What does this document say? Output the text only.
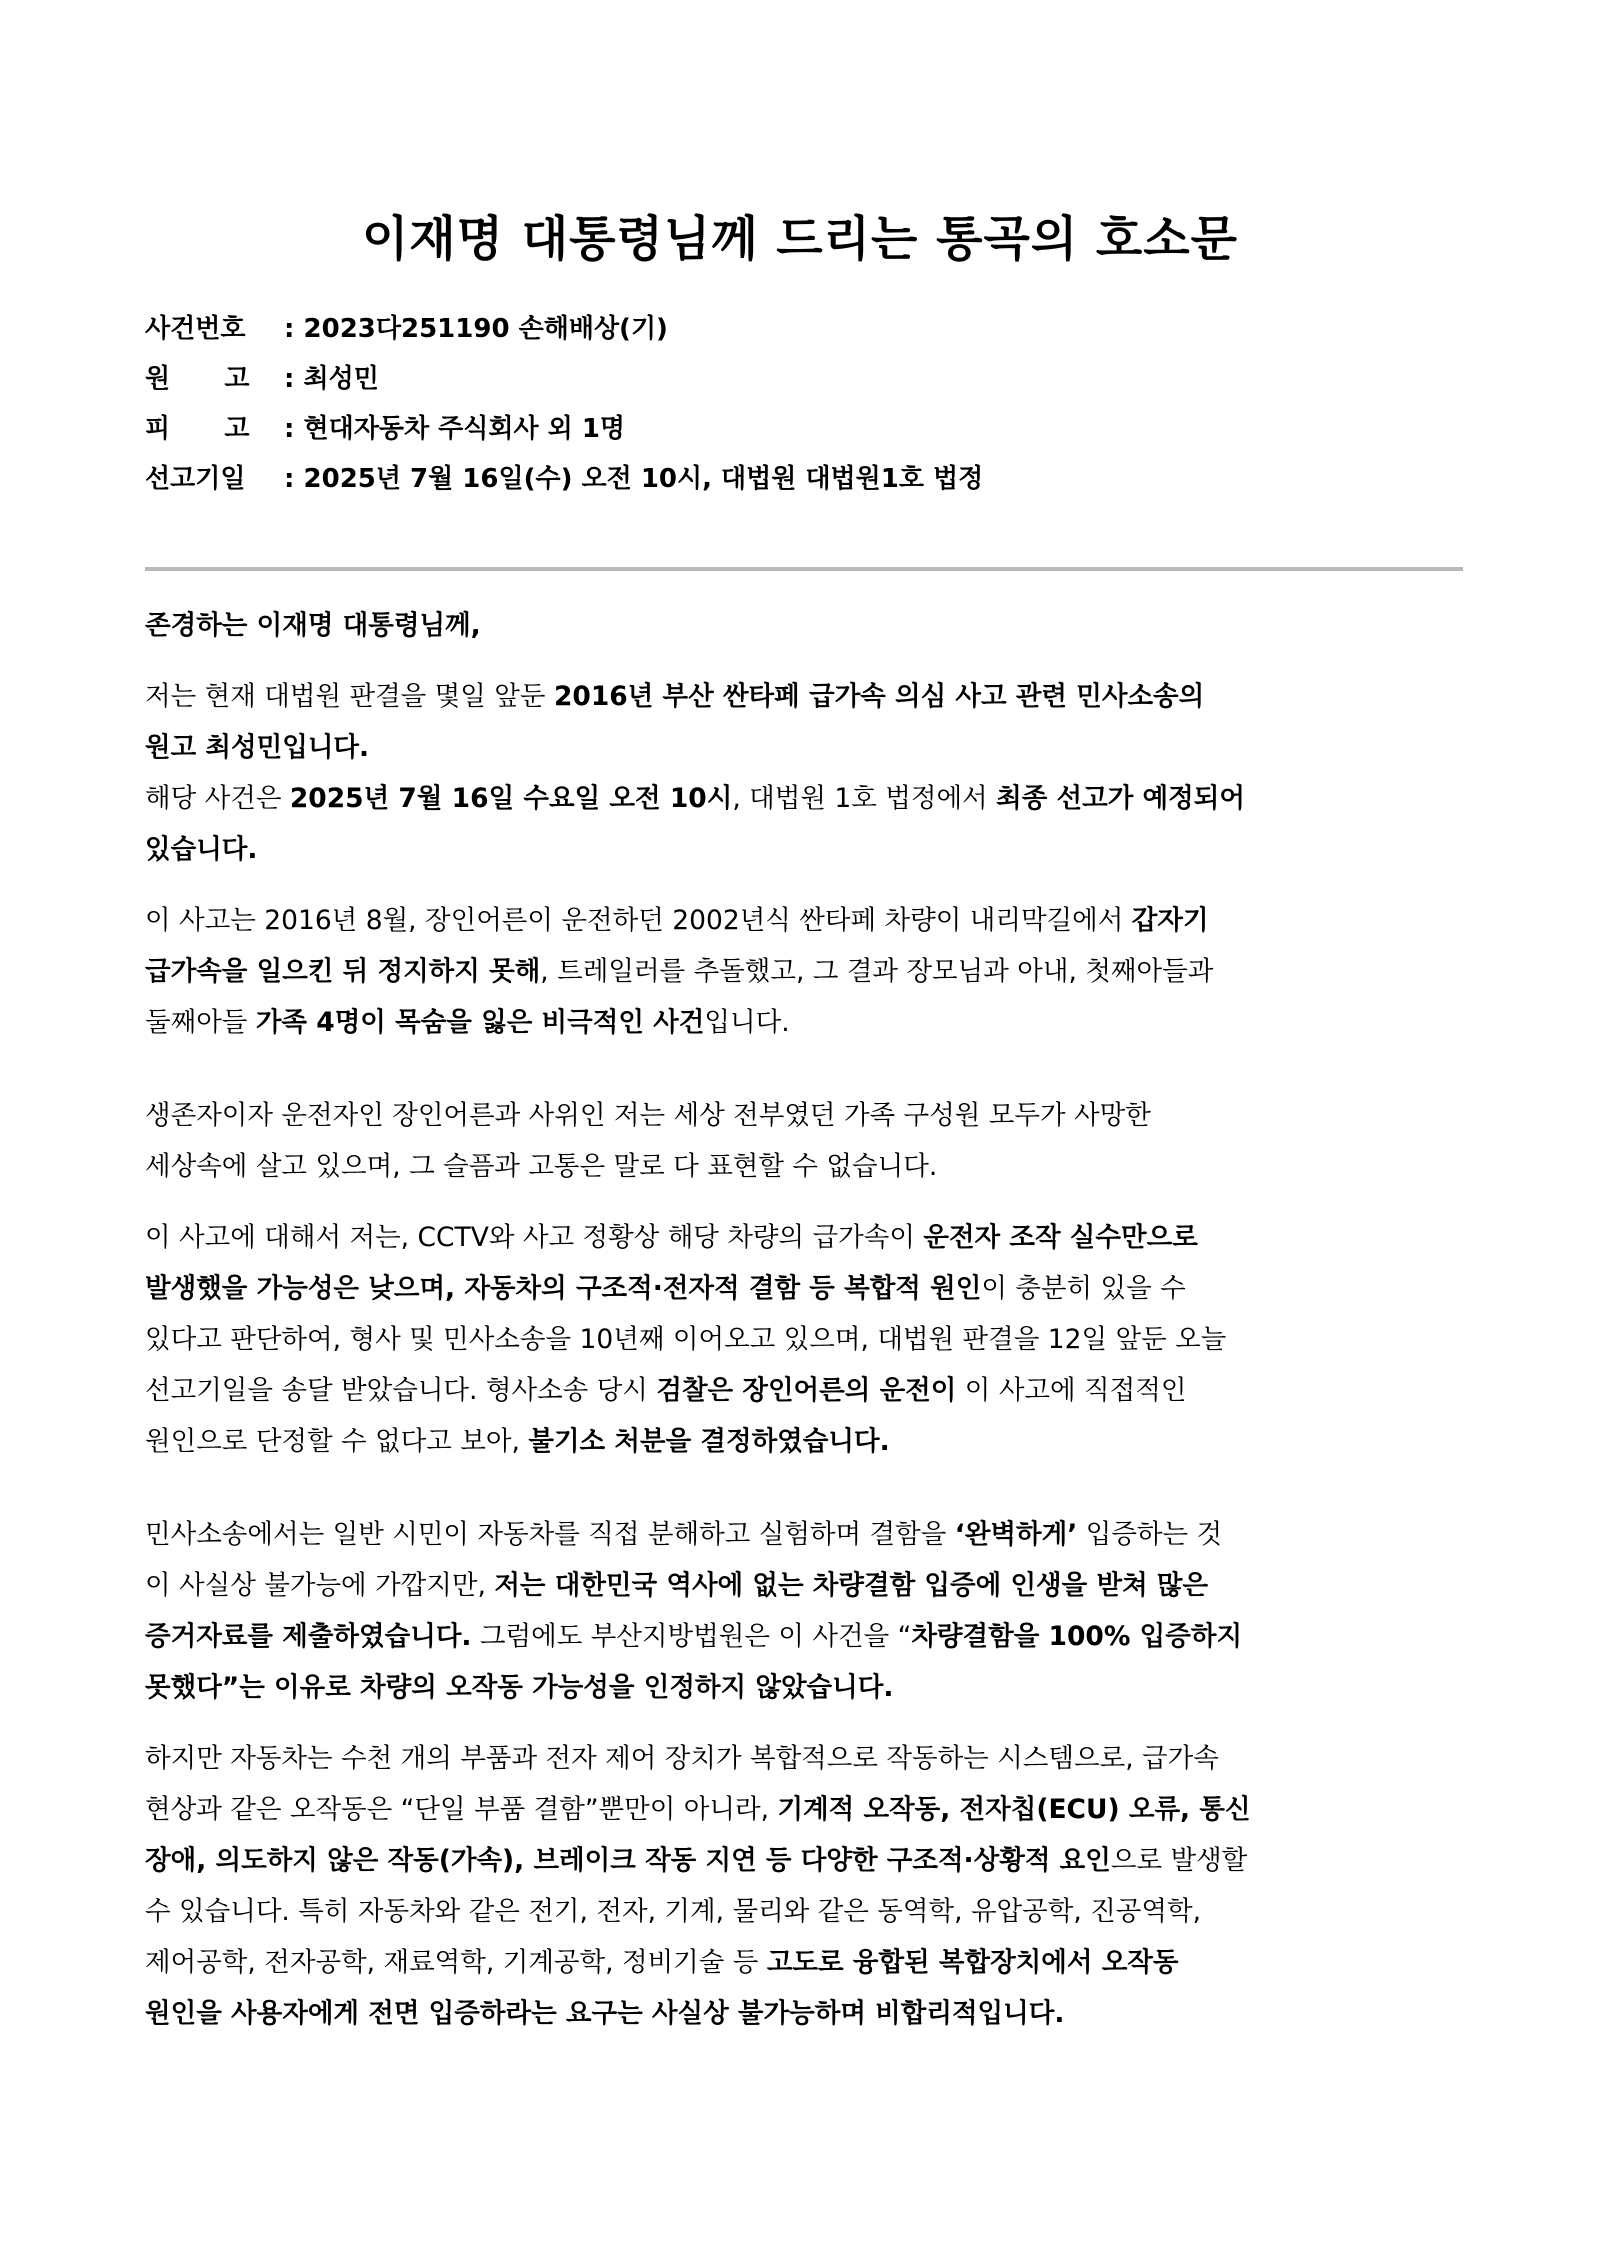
이재명 대통령님께 드리는 통곡의 호소문
사건번호 : 2023다251190 손해배상(기)
원      고 : 최성민
피      고 : 현대자동차 주식회사 외 1명
선고기일 : 2025년 7월 16일(수) 오전 10시, 대법원 대법원1호 법정

존경하는 이재명 대통령님께,

저는 현재 대법원 판결을 몇일 앞둔 2016년 부산 싼타페 급가속 의심 사고 관련 민사소송의
원고 최성민입니다.
해당 사건은 2025년 7월 16일 수요일 오전 10시, 대법원 1호 법정에서 최종 선고가 예정되어
있습니다.

이 사고는 2016년 8월, 장인어른이 운전하던 2002년식 싼타페 차량이 내리막길에서 갑자기
급가속을 일으킨 뒤 정지하지 못해, 트레일러를 추돌했고, 그 결과 장모님과 아내, 첫째아들과
둘째아들 가족 4명이 목숨을 잃은 비극적인 사건입니다.

생존자이자 운전자인 장인어른과 사위인 저는 세상 전부였던 가족 구성원 모두가 사망한
세상속에 살고 있으며, 그 슬픔과 고통은 말로 다 표현할 수 없습니다.

이 사고에 대해서 저는, CCTV와 사고 정황상 해당 차량의 급가속이 운전자 조작 실수만으로
발생했을 가능성은 낮으며, 자동차의 구조적·전자적 결함 등 복합적 원인이 충분히 있을 수
있다고 판단하여, 형사 및 민사소송을 10년째 이어오고 있으며, 대법원 판결을 12일 앞둔 오늘
선고기일을 송달 받았습니다. 형사소송 당시 검찰은 장인어른의 운전이 이 사고에 직접적인
원인으로 단정할 수 없다고 보아, 불기소 처분을 결정하였습니다.

민사소송에서는 일반 시민이 자동차를 직접 분해하고 실험하며 결함을 ‘완벽하게’ 입증하는 것
이 사실상 불가능에 가깝지만, 저는 대한민국 역사에 없는 차량결함 입증에 인생을 받쳐 많은
증거자료를 제출하였습니다. 그럼에도 부산지방법원은 이 사건을 “차량결함을 100% 입증하지
못했다”는 이유로 차량의 오작동 가능성을 인정하지 않았습니다.

하지만 자동차는 수천 개의 부품과 전자 제어 장치가 복합적으로 작동하는 시스템으로, 급가속
현상과 같은 오작동은 “단일 부품 결함”뿐만이 아니라, 기계적 오작동, 전자칩(ECU) 오류, 통신
장애, 의도하지 않은 작동(가속), 브레이크 작동 지연 등 다양한 구조적·상황적 요인으로 발생할
수 있습니다. 특히 자동차와 같은 전기, 전자, 기계, 물리와 같은 동역학, 유압공학, 진공역학,
제어공학, 전자공학, 재료역학, 기계공학, 정비기술 등 고도로 융합된 복합장치에서 오작동
원인을 사용자에게 전면 입증하라는 요구는 사실상 불가능하며 비합리적입니다.
